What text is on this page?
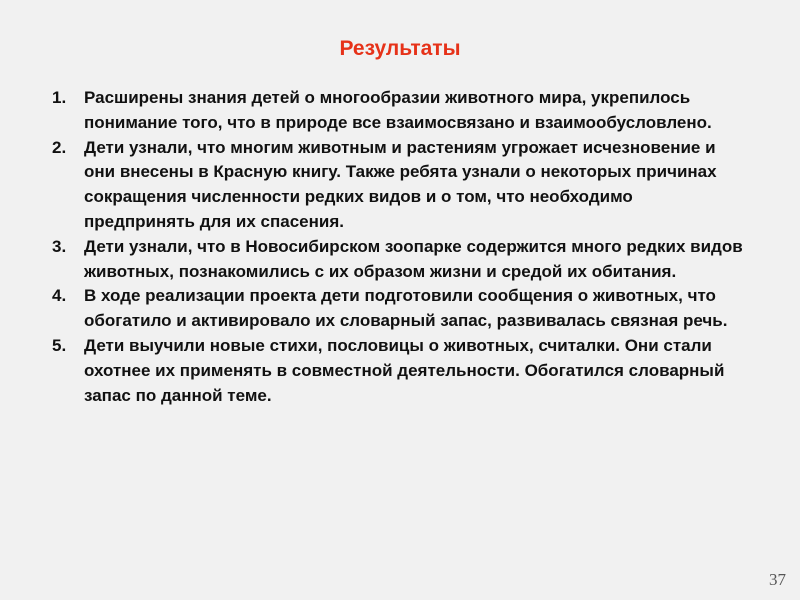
Результаты
1. Расширены знания детей о многообразии животного мира, укрепилось понимание того, что в природе все взаимосвязано и взаимообусловлено.
2. Дети узнали, что многим животным и растениям угрожает исчезновение и они внесены в Красную книгу. Также ребята узнали о некоторых причинах сокращения численности редких видов и о том, что необходимо предпринять для их спасения.
3. Дети узнали, что в Новосибирском зоопарке содержится много редких видов животных, познакомились с их образом жизни и средой их обитания.
4. В ходе реализации проекта дети подготовили сообщения о животных, что обогатило и активировало их словарный запас, развивалась связная речь.
5. Дети выучили новые стихи, пословицы о животных, считалки. Они стали охотнее их применять в совместной деятельности. Обогатился словарный запас по данной теме.
37
